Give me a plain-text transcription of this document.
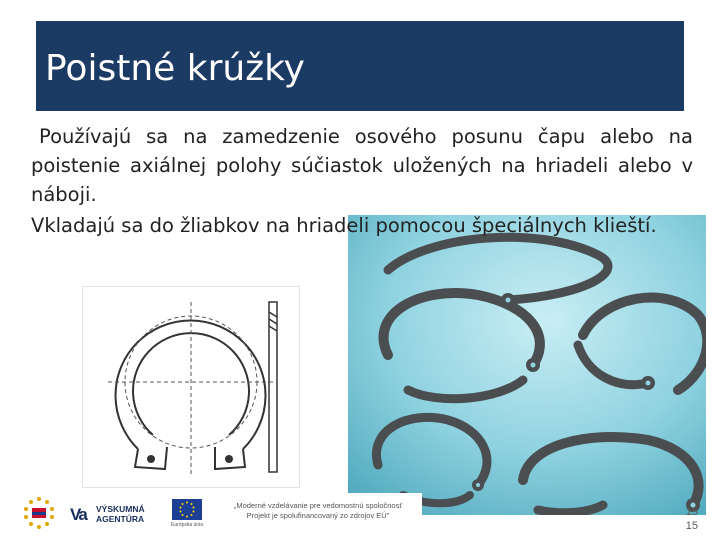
Poistné krúžky

Používajú sa na zamedzenie osového posunu čapu alebo na poistenie axiálnej polohy súčiastok uložených na hriadeli alebo v náboji.

Vkladajú sa do žliabkov na hriadeli pomocou špeciálnych klieští.

Va VÝSKUMNÁ
AGENTÚRA
Európska únia
„Moderné vzdelávanie pre vedomostnú spoločnosť
Projekt je spolufinancovaný zo zdrojov EÚ"	15
15
